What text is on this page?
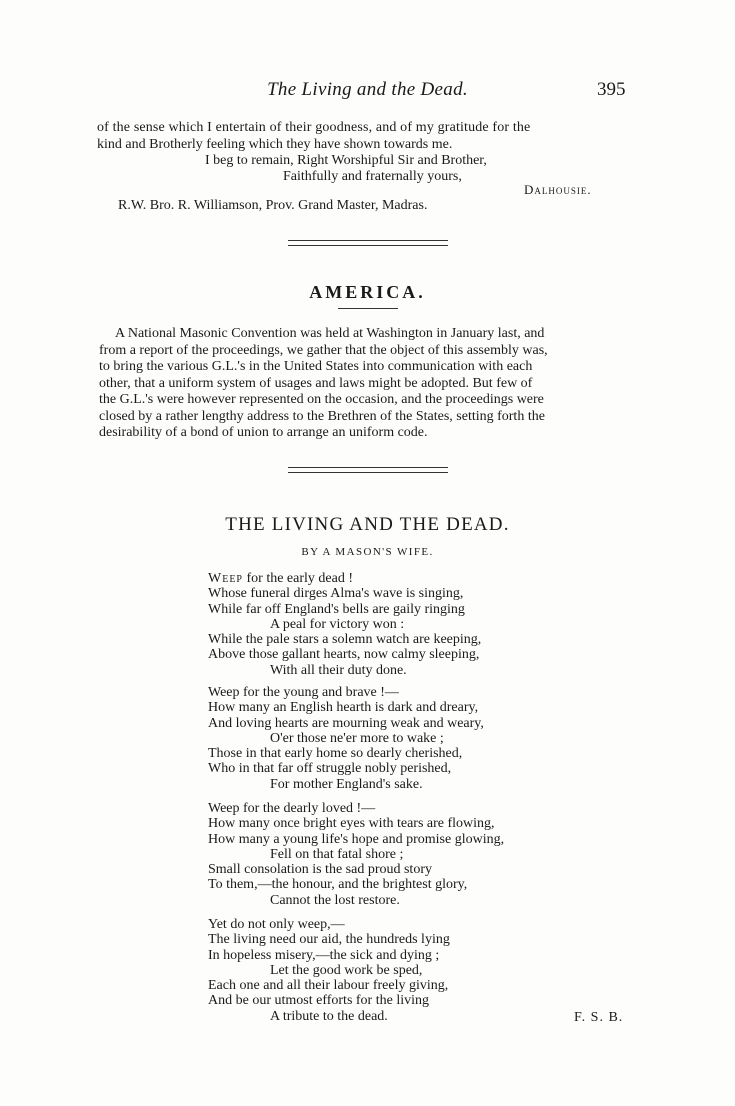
The Living and the Dead.	395
of the sense which I entertain of their goodness, and of my gratitude for the
kind and Brotherly feeling which they have shown towards me.
I beg to remain, Right Worshipful Sir and Brother,
Faithfully and fraternally yours,
Dalhousie.
R.W. Bro. R. Williamson, Prov. Grand Master, Madras.
AMERICA.
A National Masonic Convention was held at Washington in January last, and
from a report of the proceedings, we gather that the object of this assembly was,
to bring the various G.L.'s in the United States into communication with each
other, that a uniform system of usages and laws might be adopted. But few of
the G.L.'s were however represented on the occasion, and the proceedings were
closed by a rather lengthy address to the Brethren of the States, setting forth the
desirability of a bond of union to arrange an uniform code.
THE LIVING AND THE DEAD.
BY A MASON'S WIFE.
Weep for the early dead !
Whose funeral dirges Alma's wave is singing,
While far off England's bells are gaily ringing
A peal for victory won :
While the pale stars a solemn watch are keeping,
Above those gallant hearts, now calmy sleeping,
With all their duty done.
Weep for the young and brave !—
How many an English hearth is dark and dreary,
And loving hearts are mourning weak and weary,
O'er those ne'er more to wake ;
Those in that early home so dearly cherished,
Who in that far off struggle nobly perished,
For mother England's sake.
Weep for the dearly loved !—
How many once bright eyes with tears are flowing,
How many a young life's hope and promise glowing,
Fell on that fatal shore ;
Small consolation is the sad proud story
To them,—the honour, and the brightest glory,
Cannot the lost restore.
Yet do not only weep,—
The living need our aid, the hundreds lying
In hopeless misery,—the sick and dying ;
Let the good work be sped,
Each one and all their labour freely giving,
And be our utmost efforts for the living
A tribute to the dead.	F. S. B.
